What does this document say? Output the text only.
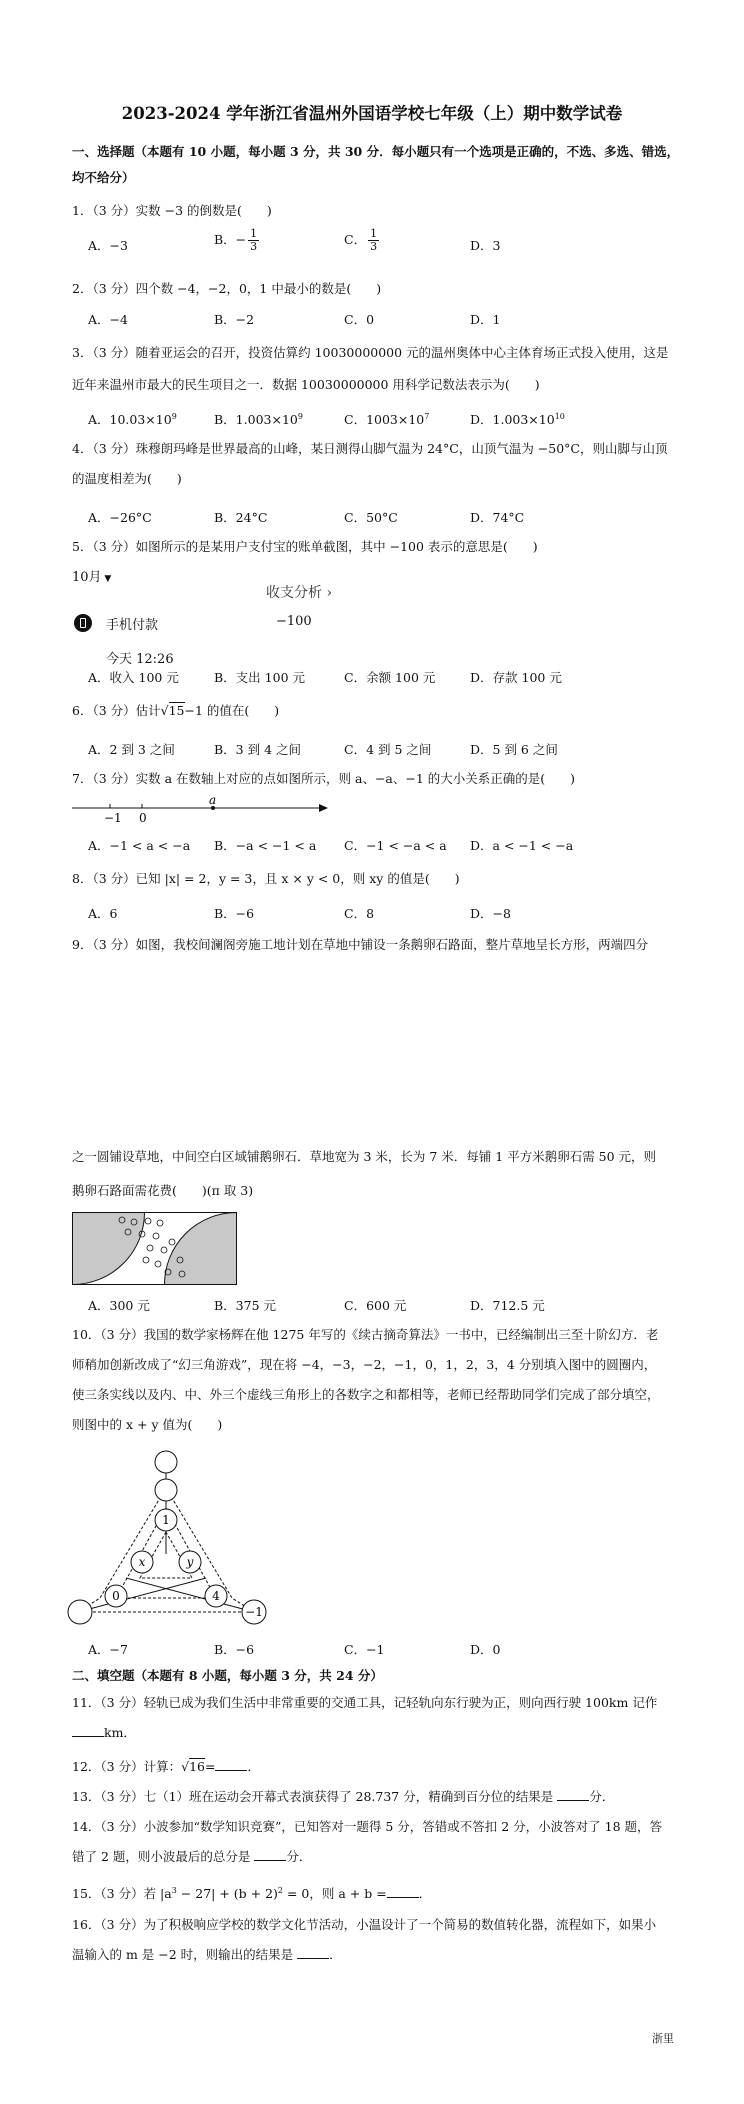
2023-2024 学年浙江省温州外国语学校七年级（上）期中数学试卷
一、选择题（本题有 10 小题，每小题 3 分，共 30 分．每小题只有一个选项是正确的，不选、多选、错选，
均不给分）
1．（3 分）实数 −3 的倒数是(　　)
A．−3	B．− $\frac{1}{3}$	C． $\frac{1}{3}$	D．3
2．（3 分）四个数 −4，−2，0，1 中最小的数是(　　)
A．−4	B．−2	C．0	D．1
3．（3 分）随着亚运会的召开，投资估算约 10030000000 元的温州奥体中心主体育场正式投入使用，这是
近年来温州市最大的民生项目之一．数据 10030000000 用科学记数法表示为(　　)
A．$10.03\times 10^9$	B．$1.003\times 10^9$	C．$1003\times 10^7$	D．$1.003\times 10^{10}$
4．（3 分）珠穆朗玛峰是世界最高的山峰，某日测得山脚气温为 24°C，山顶气温为 −50°C，则山脚与山顶
的温度相差为(　　)
A．−26°C	B．24°C	C．50°C	D．74°C
5．（3 分）如图所示的是某用户支付宝的账单截图，其中 −100 表示的意思是(　　)
10月 ▼
收支分析 ›
手机付款	−100
今天 12:26
A．收入 100 元	B．支出 100 元	C．余额 100 元	D．存款 100 元
6．（3 分）估计√15−1 的值在(　　)
A．2 到 3 之间	B．3 到 4 之间	C．4 到 5 之间	D．5 到 6 之间
7．（3 分）实数 a 在数轴上对应的点如图所示，则 a、−a、−1 的大小关系正确的是(　　)
−1 0
a
A．−1 < a < −a B．−a < −1 < a C．−1 < −a < a D．a < −1 < −a
8．（3 分）已知 |x| = 2，y = 3，且 x × y < 0，则 xy 的值是(　　)
A．6	B．−6	C．8	D．−8
9．（3 分）如图，我校间澜阁旁施工地计划在草地中铺设一条鹅卵石路面，整片草地呈长方形，两端四分
之一圆铺设草地，中间空白区域铺鹅卵石．草地宽为 3 米，长为 7 米．每铺 1 平方米鹅卵石需 50 元，则
鹅卵石路面需花费(　　)(π 取 3)
A．300 元	B．375 元	C．600 元	D．712.5 元
10．（3 分）我国的数学家杨辉在他 1275 年写的《续古摘奇算法》一书中，已经编制出三至十阶幻方．老
师稍加创新改成了“幻三角游戏”，现在将 −4，−3，−2，−1，0，1，2，3，4 分别填入图中的圆圈内，
使三条实线以及内、中、外三个虚线三角形上的各数字之和都相等，老师已经帮助同学们完成了部分填空，
则图中的 x + y 值为(　　)
1
x	y
0	4
−1
A．−7	B．−6	C．−1	D．0
二、填空题（本题有 8 小题，每小题 3 分，共 24 分）
11．（3 分）轻轨已成为我们生活中非常重要的交通工具，记轻轨向东行驶为正，则向西行驶 100km 记作
km．
12．（3 分）计算：√16=	．
13．（3 分）七（1）班在运动会开幕式表演获得了 28.737 分，精确到百分位的结果是	分．
14．（3 分）小波参加“数学知识竞赛”，已知答对一题得 5 分，答错或不答扣 2 分，小波答对了 18 题，答
错了 2 题，则小波最后的总分是	分．
15．（3 分）若 $|a^3 - 27| + (b + 2)^2 = 0$，则 a + b =	．
16．（3 分）为了积极响应学校的数学文化节活动，小温设计了一个简易的数值转化器，流程如下，如果小
温输入的 m 是 −2 时，则输出的结果是	．
浙里
